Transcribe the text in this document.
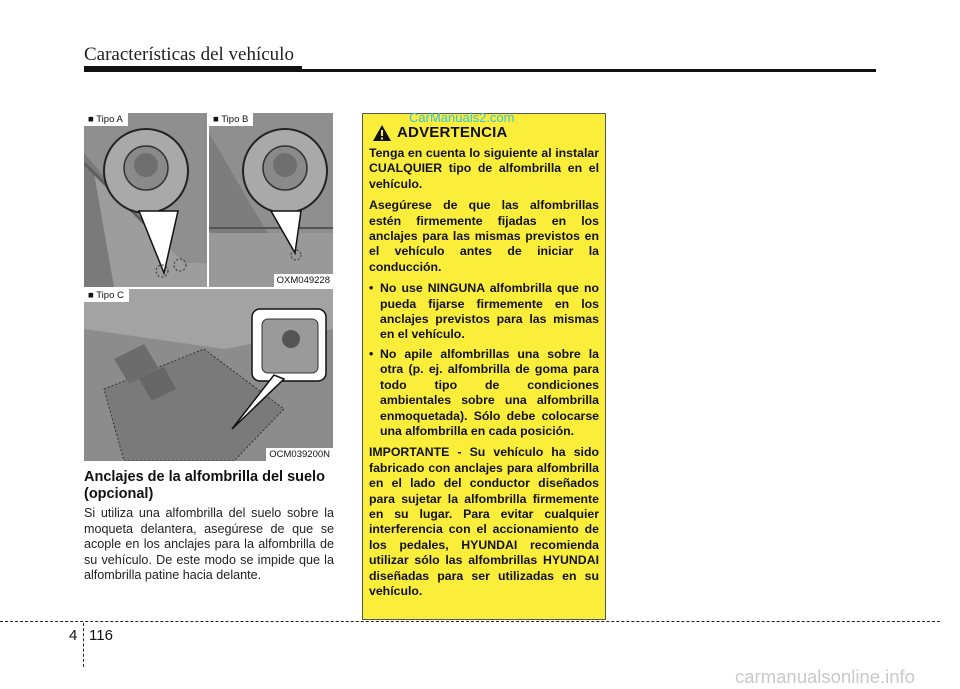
Características del vehículo
■ Tipo A	■ Tipo B
OXM049228
■ Tipo C
OCM039200N
Anclajes de la alfombrilla del suelo (opcional)
Si utiliza una alfombrilla del suelo sobre la moqueta delantera, asegúrese de que se acople en los anclajes para la alfombrilla de su vehículo. De este modo se impide que la alfombrilla patine hacia delante.
ADVERTENCIA

Tenga en cuenta lo siguiente al instalar CUALQUIER tipo de alfombrilla en el vehículo.

Asegúrese de que las alfombrillas estén firmemente fijadas en los anclajes para las mismas previstos en el vehículo antes de iniciar la conducción.

• No use NINGUNA alfombrilla que no pueda fijarse firmemente en los anclajes previstos para las mismas en el vehículo.
• No apile alfombrillas una sobre la otra (p. ej. alfombrilla de goma para todo tipo de condiciones ambientales sobre una alfombrilla enmoquetada). Sólo debe colocarse una alfombrilla en cada posición.

IMPORTANTE - Su vehículo ha sido fabricado con anclajes para alfombrilla en el lado del conductor diseñados para sujetar la alfombrilla firmemente en su lugar. Para evitar cualquier interferencia con el accionamiento de los pedales, HYUNDAI recomienda utilizar sólo las alfombrillas HYUNDAI diseñadas para ser utilizadas en su vehículo.

CarManuals2.com
4 116
carmanualsonline.info
